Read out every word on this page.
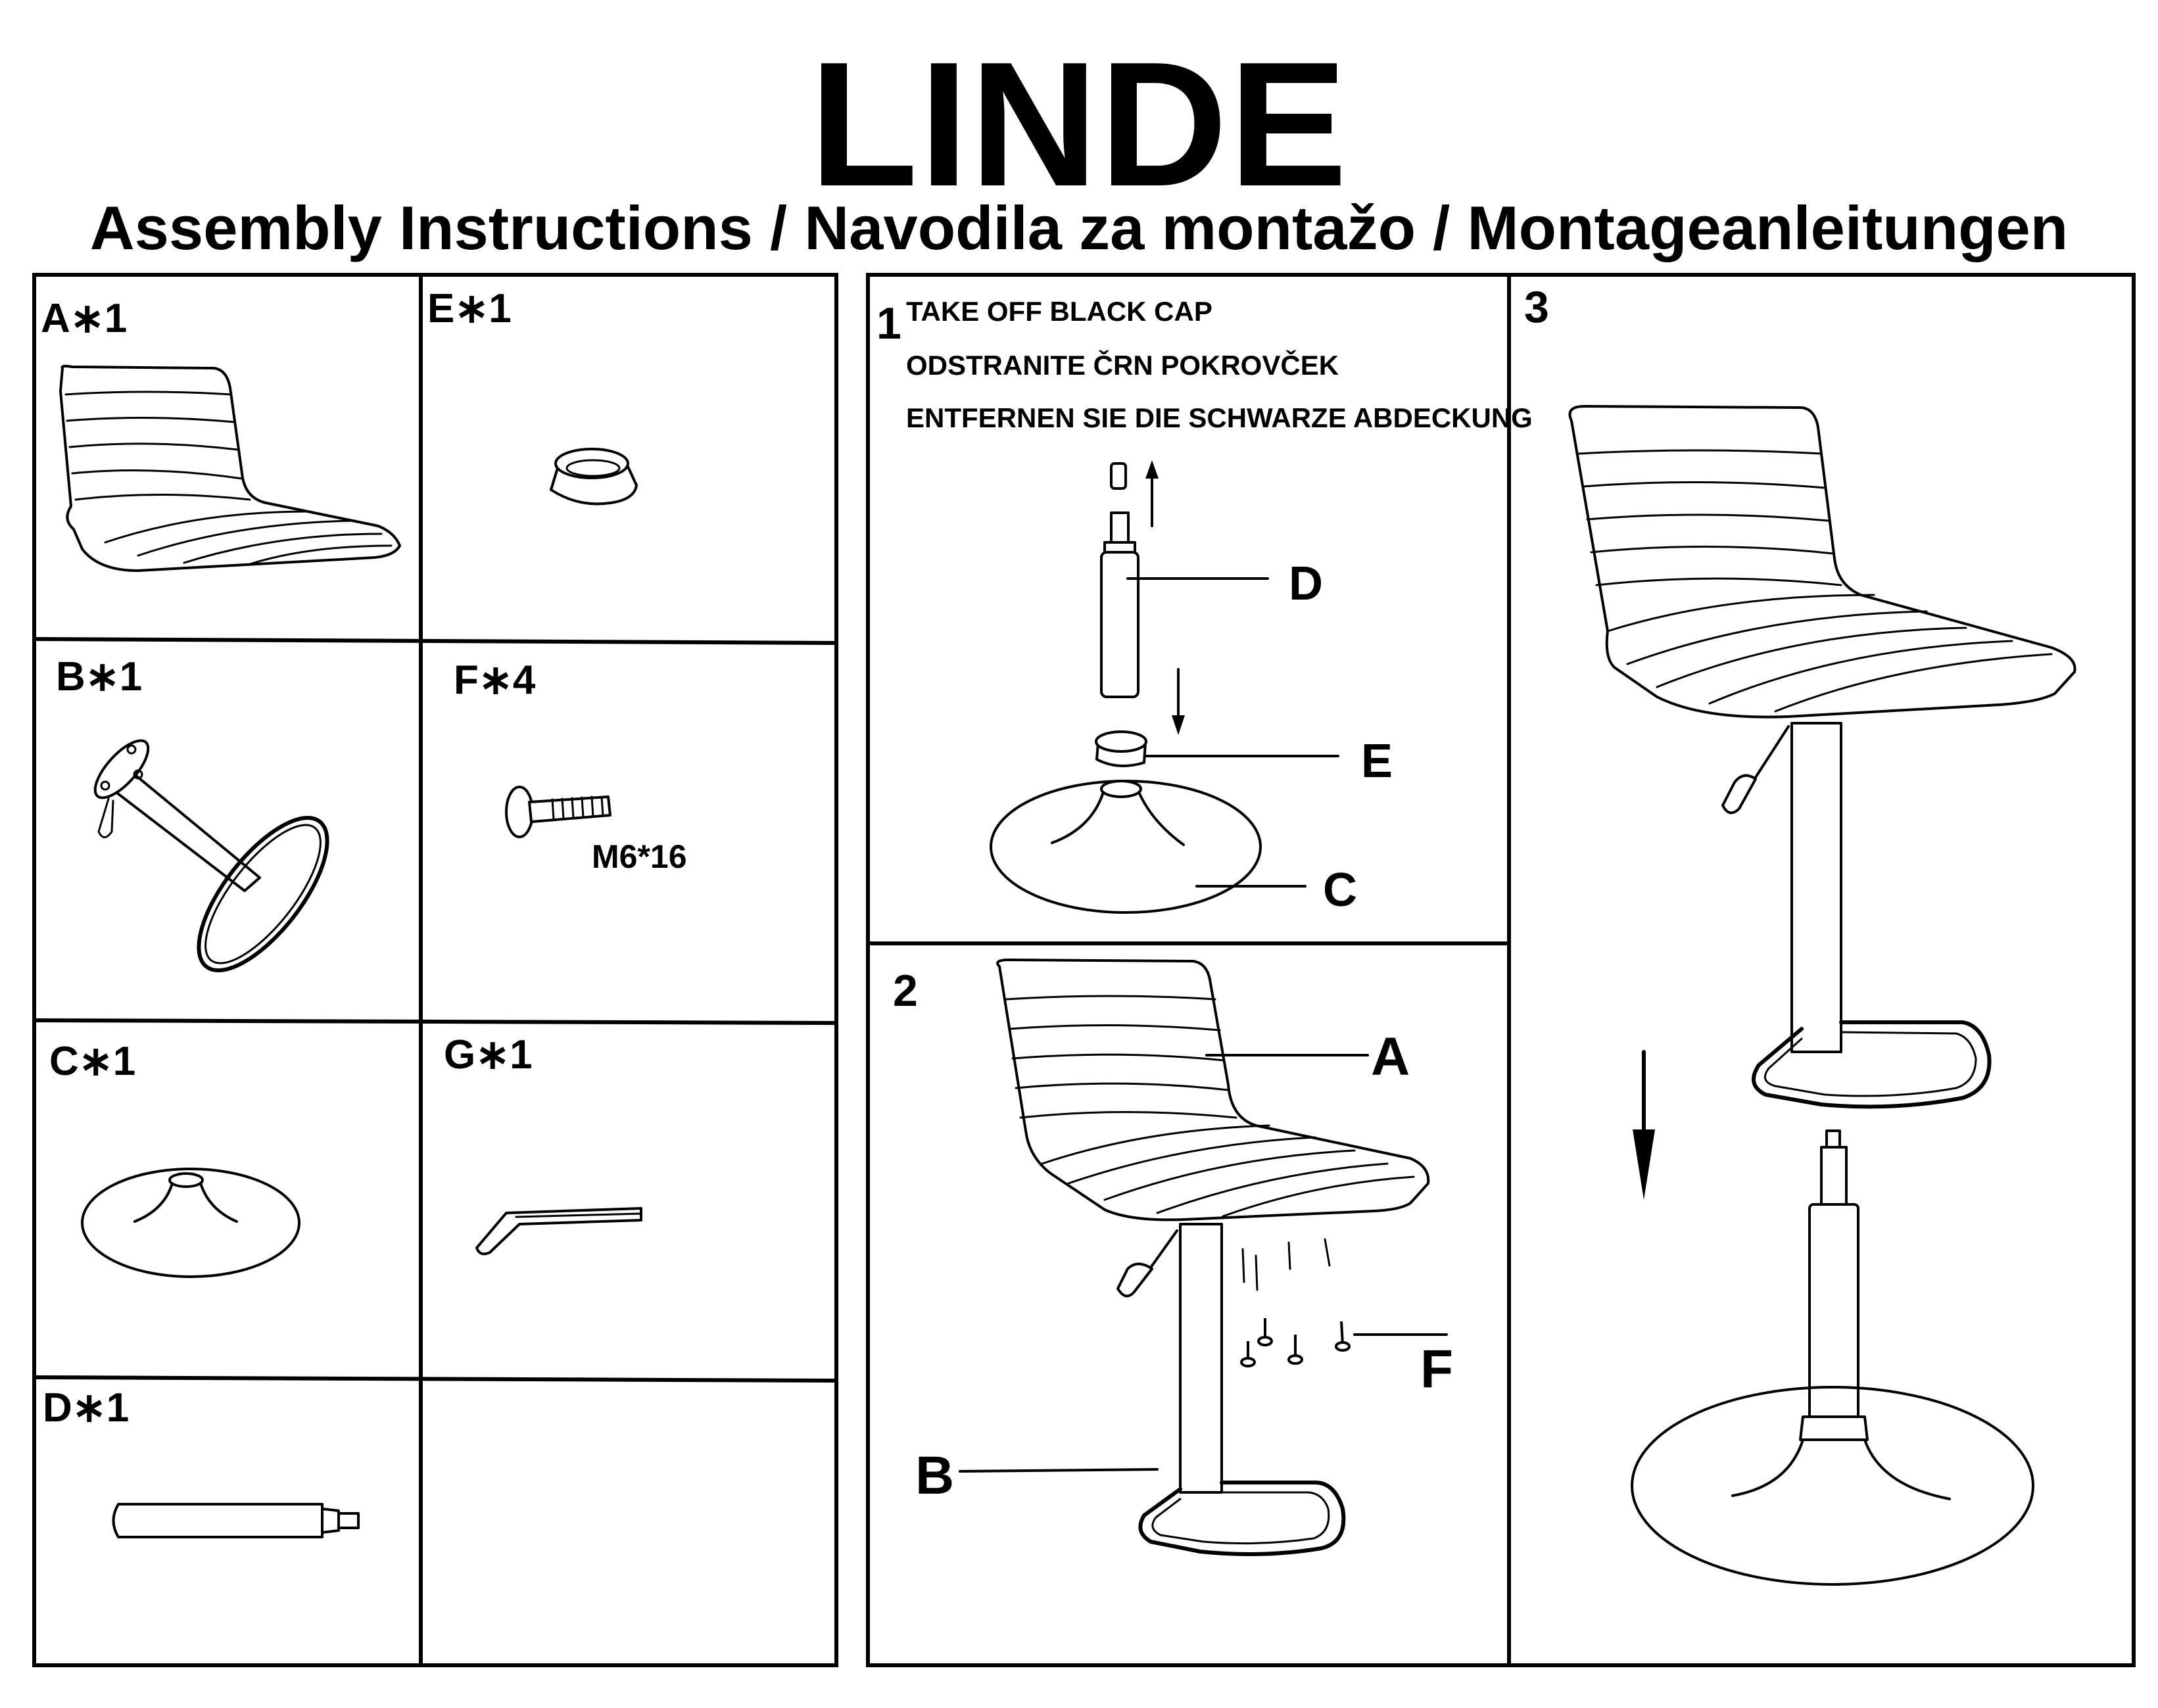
LINDE
Assembly Instructions / Navodila za montažo / Montageanleitungen
A∗1	E∗1
B∗1	F∗4
C∗1	G∗1
D∗1
M6*16
1 TAKE OFF BLACK CAP
ODSTRANITE ČRN POKROVČEK
ENTFERNEN SIE DIE SCHWARZE ABDECKUNG
D
E
C
2
A
F
B
3
